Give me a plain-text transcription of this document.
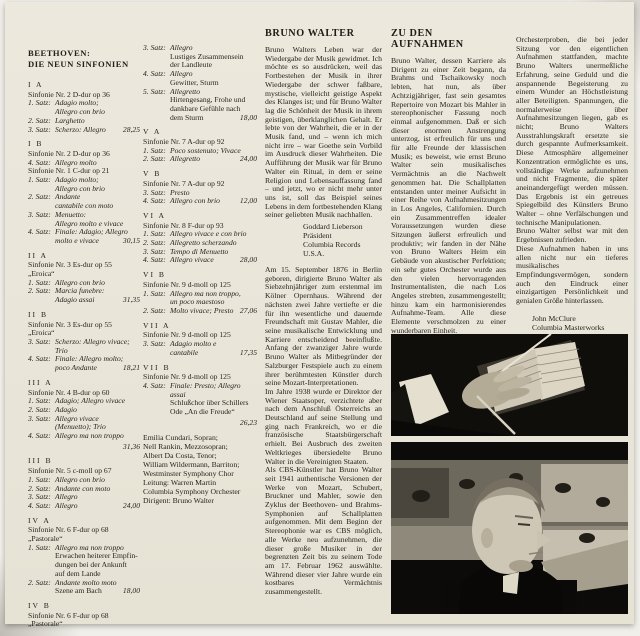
BEETHOVEN:
DIE NEUN SINFONIEN
I A
Sinfonie Nr. 2 D-dur op 36
1. Satz: Adagio molto;
Allegro con brio
2. Satz: Larghetto
3. Satz: Scherzo: Allegro 28,25
I B
Sinfonie Nr. 2 D-dur op 36
4. Satz: Allegro molto
Sinfonie Nr. 1 C-dur op 21
1. Satz: Adagio molto;
Allegro con brio
2. Satz: Andante
cantabile con moto
3. Satz: Menuetto:
Allegro molto e vivace
4. Satz: Finale: Adagio; Allegro
molto e vivace	30,15
II A
Sinfonie Nr. 3 Es-dur op 55
„Eroica“
1. Satz: Allegro con brio
2. Satz: Marcia funebre:
Adagio assai	31,35
II B
Sinfonie Nr. 3 Es-dur op 55
„Eroica“
3. Satz: Scherzo: Allegro vivace;
Trio
4. Satz: Finale: Allegro molto;
poco Andante	18,21
III A
Sinfonie Nr. 4 B-dur op 60
1. Satz: Adagio; Allegro vivace
2. Satz: Adagio
3. Satz: Allegro vivace
(Menuetto); Trio
4. Satz: Allegro ma non troppo
31,36
III B
Sinfonie Nr. 5 c-moll op 67
1. Satz: Allegro con brio
2. Satz: Andante con moto
3. Satz: Allegro
4. Satz: Allegro	24,00
IV A
Sinfonie Nr. 6 F-dur op 68
„Pastorale“
1. Satz: Allegro ma non troppo
Erwachen heiterer Empfin-
dungen bei der Ankunft
auf dem Lande
2. Satz: Andante molto moto
Szene am Bach	18,00
IV B
Sinfonie Nr. 6 F-dur op 68
„Pastorale“
3. Satz: Allegro
Lustiges Zusammensein
der Landleute
4. Satz: Allegro
Gewitter, Sturm
5. Satz: Allegretto
Hirtengesang, Frohe und
dankbare Gefühle nach
dem Sturm	18,00
V A
Sinfonie Nr. 7 A-dur op 92
1. Satz: Poco sostenuto; Vivace
2. Satz: Allegretto	24,00
V B
Sinfonie Nr. 7 A-dur op 92
3. Satz: Presto
4. Satz: Allegro con brio	12,00
VI A
Sinfonie Nr. 8 F-dur op 93
1. Satz: Allegro vivace e con brio
2. Satz: Allegretto scherzando
3. Satz: Tempo di Menuetto
4. Satz: Allegro vivace	28,00
VI B
Sinfonie Nr. 9 d-moll op 125
1. Satz: Allegro ma non troppo,
un poco maestoso
2. Satz: Molto vivace; Presto 27,06
VII A
Sinfonie Nr. 9 d-moll op 125
3. Satz: Adagio molto e
cantabile	17,35
VII B
Sinfonie Nr. 9 d-moll op 125
4. Satz: Finale: Presto; Allegro assai
Schlußchor über Schillers
Ode „An die Freude“
26,23
Emilia Cundari, Sopran;
Nell Rankin, Mezzosopran;
Albert Da Costa, Tenor;
William Wildermann, Barriton;
Westminster Symphony Chor
Leitung: Warren Martin
Columbia Symphony Orchester
Dirigent: Bruno Walter
BRUNO WALTER
Bruno Walters Leben war der Wiedergabe der Musik gewidmet. Ich möchte es so ausdrücken, weil das Fortbestehen der Musik in ihrer Wiedergabe der schwer faßbare, mystische, vielleicht geistige Aspekt des Klanges ist; und für Bruno Walter lag die Schönheit der Musik in ihrem geistigen, überklanglichen Gehalt. Er lebte von der Wahrheit, die er in der Musik fand, und – wenn ich mich nicht irre – war Goethe sein Vorbild im Ausdruck dieser Wahrheiten. Die Aufführung der Musik war für Bruno Walter ein Ritual, in dem er seine Religion und Lebensauffassung fand – und jetzt, wo er nicht mehr unter uns ist, soll das Beispiel seines Lebens in dem fortbestehenden Klang seiner geliebten Musik nachhallen.
Goddard Lieberson
Präsident
Columbia Records U.S.A.
Am 15. September 1876 in Berlin geboren, dirigierte Bruno Walter als Siebzehnjähriger zum erstenmal im Kölner Opernhaus. Während der nächsten zwei Jahre vertiefte er die für ihn wesentliche und dauernde Freundschaft mit Gustav Mahler, die seine musikalische Entwicklung und Karriere entscheidend beeinflußte. Anfang der zwanziger Jahre wurde Bruno Walter als Mitbegründer der Salzburger Festspiele auch zu einem ihrer berühmtesten Künstler durch seine Mozart-Interpretationen.
Im Jahre 1938 wurde er Direktor der Wiener Staatsoper, verzichtete aber nach dem Anschluß Österreichs an Deutschland auf seine Stellung und ging nach Frankreich, wo er die französische Staatsbürgerschaft erhielt. Bei Ausbruch des zweiten Weltkrieges übersiedelte Bruno Walter in die Vereinigten Staaten.
Als CBS-Künstler hat Bruno Walter seit 1941 authentische Versionen der Werke von Mozart, Schubert, Bruckner und Mahler, sowie den Zyklus der Beethoven- und Brahms-Symphonien auf Schallplatten aufgenommen. Mit dem Beginn der Stereophonie war es CBS möglich, alle Werke neu aufzunehmen, die dieser große Musiker in der begrenzten Zeit bis zu seinem Tode am 17. Februar 1962 auswählte. Während dieser vier Jahre wurde ein kostbares Vermächtnis zusammengestellt.
ZU DEN AUFNAHMEN
Bruno Walter, dessen Karriere als Dirigent zu einer Zeit begann, da Brahms und Tschaikowsky noch lebten, hat nun, als über Achtzigjähriger, fast sein gesamtes Repertoire von Mozart bis Mahler in stereophonischer Fassung noch einmal aufgenommen. Daß er sich dieser enormen Anstrengung unterzog, ist erfreulich für uns und für alle Freunde der klassischen Musik; es beweist, wie ernst Bruno Walter sein musikalisches Vermächtnis an die Nachwelt genommen hat. Die Schallplatten entstanden unter meiner Aufsicht in einer Reihe von Aufnahmesitzungen in Los Angeles, Californien. Durch ein Zusammentreffen idealer Voraussetzungen wurden diese Sitzungen äußerst erfreulich und produktiv; wir fanden in der Nähe von Bruno Walters Heim ein Gebäude von akustischer Perfektion; ein sehr gutes Orchester wurde aus den vielen hervorragenden Instrumentalisten, die nach Los Angeles strebten, zusammengestellt; hinzu kam ein harmonisierendes Aufnahme-Team. Alle diese Elemente verschmolzen zu einer wunderbaren Einheit.
Orchesterproben, die bei jeder Sitzung vor den eigentlichen Aufnahmen stattfanden, machte Bruno Walters unermeßliche Erfahrung, seine Geduld und die anspannende Begeisterung zu einem Wunder an Höchstleistung aller Beteiligten. Spannungen, die normalerweise über Aufnahmesitzungen liegen, gab es nicht; Bruno Walters Ausstrahlungskraft ersetzte sie durch gespannte Aufmerksamkeit. Diese Atmosphäre allgemeiner Konzentration ermöglichte es uns, vollständige Werke aufzunehmen und nicht Fragmente, die später aneinandergefügt werden müssen. Das Ergebnis ist ein getreues Spiegelbild des Künstlers Bruno Walter – ohne Verfälschungen und technische Manipulationen.
Bruno Walter selbst war mit den Ergebnissen zufrieden.
Diese Aufnahmen haben in uns allen nicht nur ein tieferes musikalisches Empfindungsvermögen, sondern auch den Eindruck einer einzigartigen Persönlichkeit und genialen Größe hinterlassen.
John McClure
Columbia Masterworks
